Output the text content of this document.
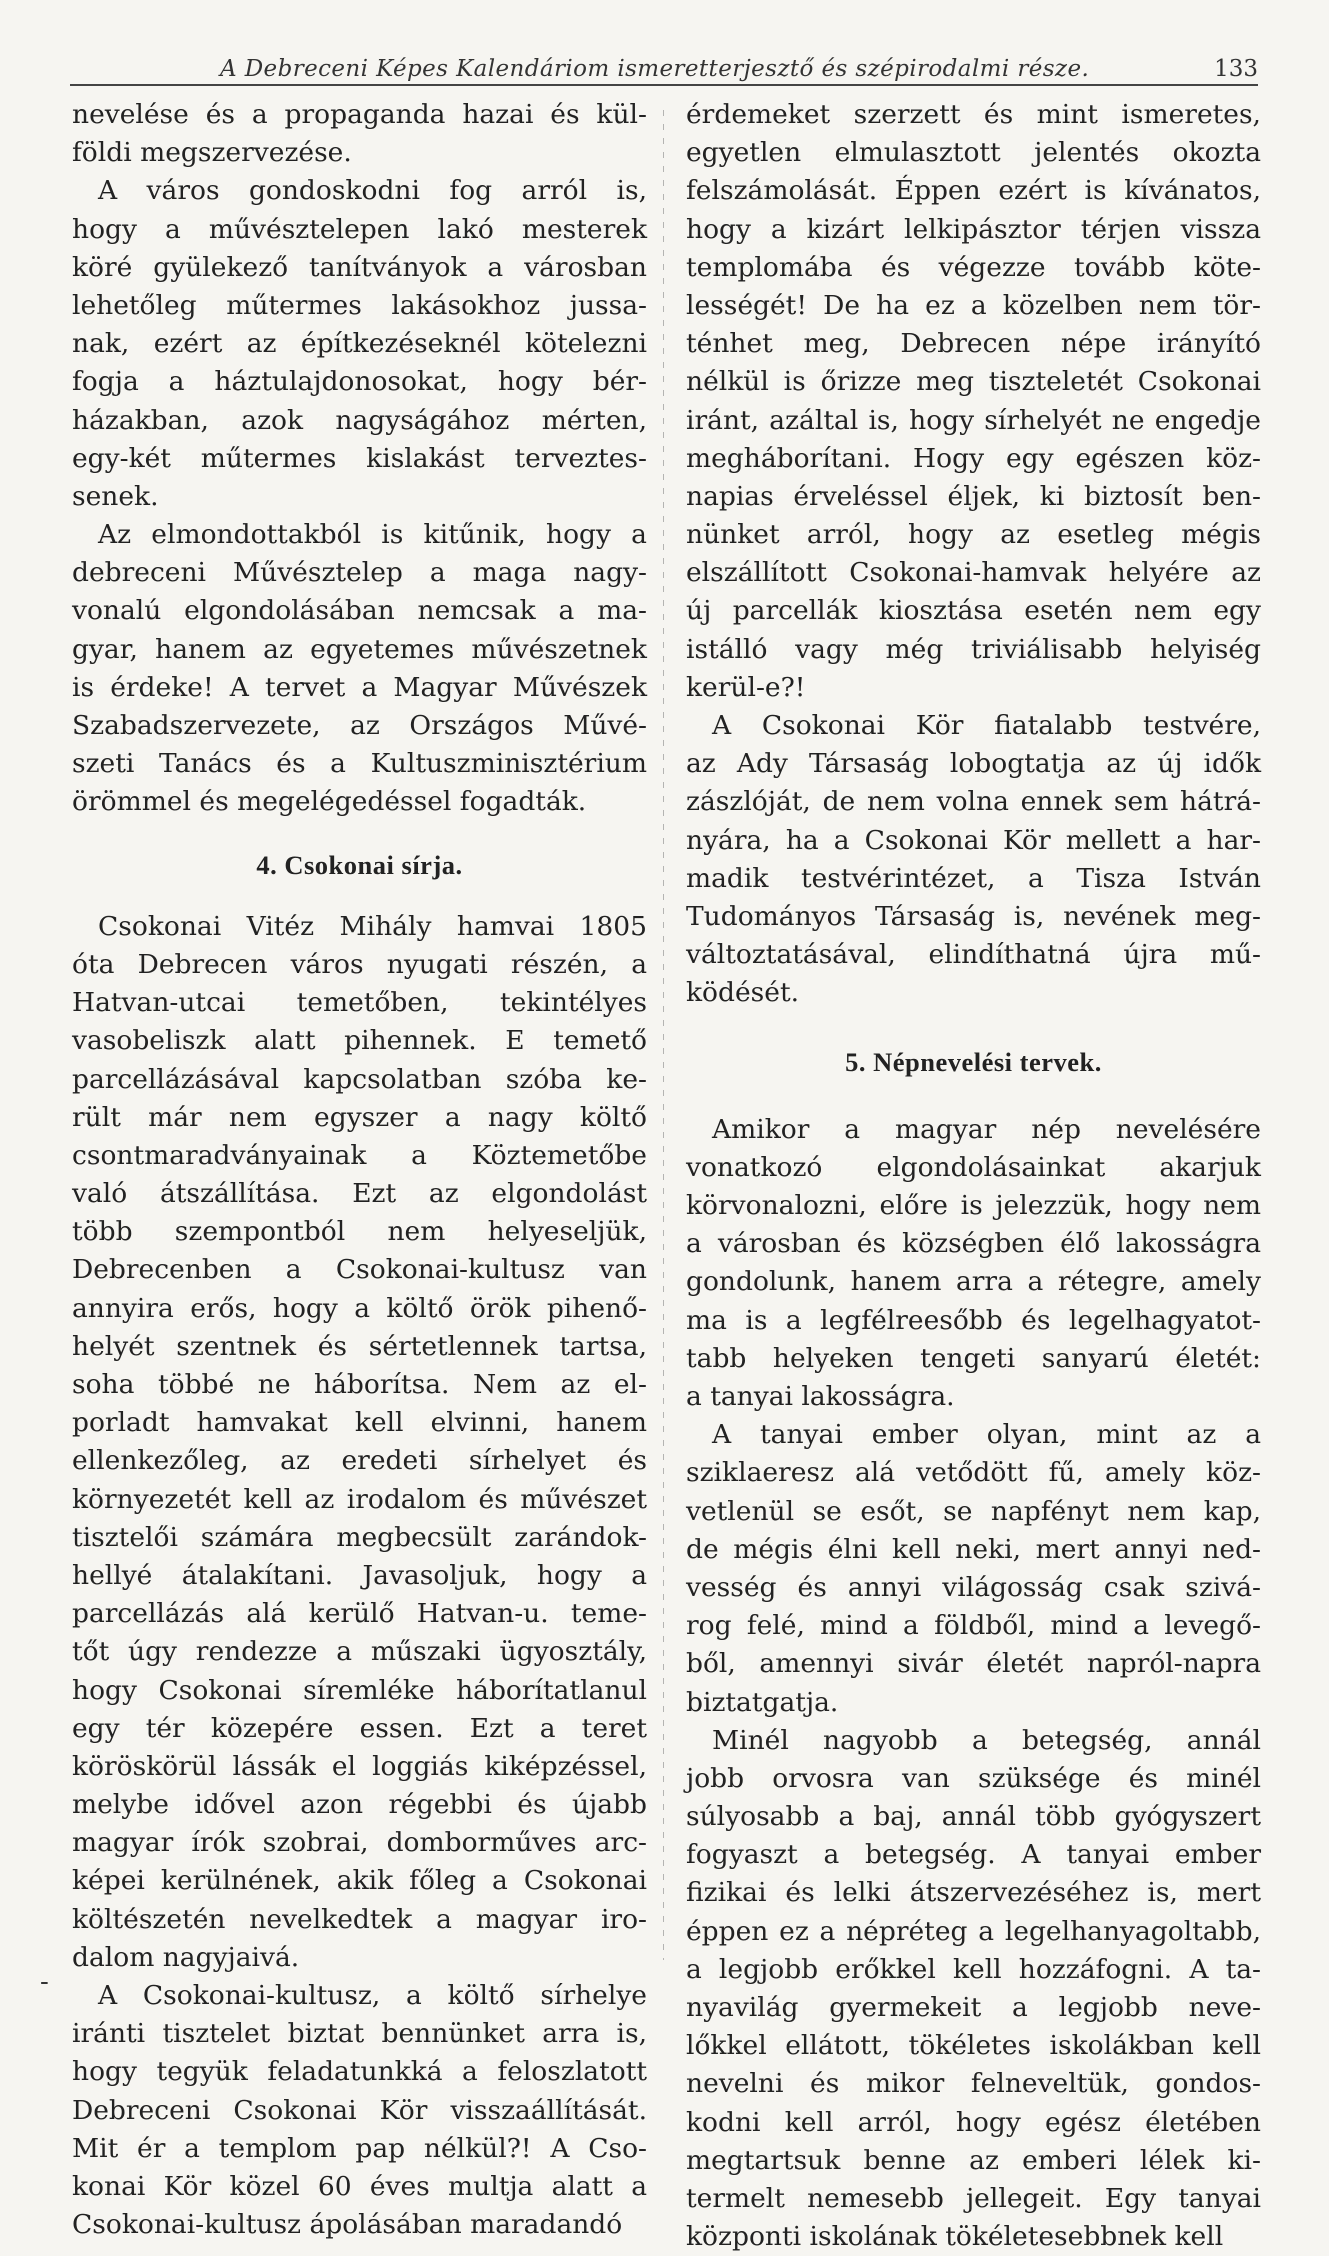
A Debreceni Képes Kalendáriom ismeretterjesztő és szépirodalmi része.	133
nevelése és a propaganda hazai és kül-
földi megszervezése.
A város gondoskodni fog arról is,
hogy a művésztelepen lakó mesterek
köré gyülekező tanítványok a városban
lehetőleg műtermes lakásokhoz jussa-
nak, ezért az építkezéseknél kötelezni
fogja a háztulajdonosokat, hogy bér-
házakban, azok nagyságához mérten,
egy-két műtermes kislakást terveztes-
senek.
Az elmondottakból is kitűnik, hogy a
debreceni Művésztelep a maga nagy-
vonalú elgondolásában nemcsak a ma-
gyar, hanem az egyetemes művészetnek
is érdeke! A tervet a Magyar Művészek
Szabadszervezete, az Országos Művé-
szeti Tanács és a Kultuszminisztérium
örömmel és megelégedéssel fogadták.
4. Csokonai sírja.
Csokonai Vitéz Mihály hamvai 1805
óta Debrecen város nyugati részén, a
Hatvan-utcai temetőben, tekintélyes
vasobeliszk alatt pihennek. E temető
parcellázásával kapcsolatban szóba ke-
rült már nem egyszer a nagy költő
csontmaradványainak a Köztemetőbe
való átszállítása. Ezt az elgondolást
több szempontból nem helyeseljük,
Debrecenben a Csokonai-kultusz van
annyira erős, hogy a költő örök pihenő-
helyét szentnek és sértetlennek tartsa,
soha többé ne háborítsa. Nem az el-
porladt hamvakat kell elvinni, hanem
ellenkezőleg, az eredeti sírhelyet és
környezetét kell az irodalom és művészet
tisztelői számára megbecsült zarándok-
hellyé átalakítani. Javasoljuk, hogy a
parcellázás alá kerülő Hatvan-u. teme-
tőt úgy rendezze a műszaki ügyosztály,
hogy Csokonai síremléke háborítatlanul
egy tér közepére essen. Ezt a teret
köröskörül lássák el loggiás kiképzéssel,
melybe idővel azon régebbi és újabb
magyar írók szobrai, domborműves arc-
képei kerülnének, akik főleg a Csokonai
költészetén nevelkedtek a magyar iro-
dalom nagyjaivá.
A Csokonai-kultusz, a költő sírhelye
iránti tisztelet biztat bennünket arra is,
hogy tegyük feladatunkká a feloszlatott
Debreceni Csokonai Kör visszaállítását.
Mit ér a templom pap nélkül?! A Cso-
konai Kör közel 60 éves multja alatt a
Csokonai-kultusz ápolásában maradandó
érdemeket szerzett és mint ismeretes,
egyetlen elmulasztott jelentés okozta
felszámolását. Éppen ezért is kívánatos,
hogy a kizárt lelkipásztor térjen vissza
templomába és végezze tovább köte-
lességét! De ha ez a közelben nem tör-
ténhet meg, Debrecen népe irányító
nélkül is őrizze meg tiszteletét Csokonai
iránt, azáltal is, hogy sírhelyét ne engedje
megháborítani. Hogy egy egészen köz-
napias érveléssel éljek, ki biztosít ben-
nünket arról, hogy az esetleg mégis
elszállított Csokonai-hamvak helyére az
új parcellák kiosztása esetén nem egy
istálló vagy még triviálisabb helyiség
kerül-e?!
A Csokonai Kör fiatalabb testvére,
az Ady Társaság lobogtatja az új idők
zászlóját, de nem volna ennek sem hátrá-
nyára, ha a Csokonai Kör mellett a har-
madik testvérintézet, a Tisza István
Tudományos Társaság is, nevének meg-
változtatásával, elindíthatná újra mű-
ködését.
5. Népnevelési tervek.
Amikor a magyar nép nevelésére
vonatkozó elgondolásainkat akarjuk
körvonalozni, előre is jelezzük, hogy nem
a városban és községben élő lakosságra
gondolunk, hanem arra a rétegre, amely
ma is a legfélreesőbb és legelhagyatot-
tabb helyeken tengeti sanyarú életét:
a tanyai lakosságra.
A tanyai ember olyan, mint az a
sziklaeresz alá vetődött fű, amely köz-
vetlenül se esőt, se napfényt nem kap,
de mégis élni kell neki, mert annyi ned-
vesség és annyi világosság csak szivá-
rog felé, mind a földből, mind a levegő-
ből, amennyi sivár életét napról-napra
biztatgatja.
Minél nagyobb a betegség, annál
jobb orvosra van szüksége és minél
súlyosabb a baj, annál több gyógyszert
fogyaszt a betegség. A tanyai ember
fizikai és lelki átszervezéséhez is, mert
éppen ez a népréteg a legelhanyagoltabb,
a legjobb erőkkel kell hozzáfogni. A ta-
nyavilág gyermekeit a legjobb neve-
lőkkel ellátott, tökéletes iskolákban kell
nevelni és mikor felneveltük, gondos-
kodni kell arról, hogy egész életében
megtartsuk benne az emberi lélek ki-
termelt nemesebb jellegeit. Egy tanyai
központi iskolának tökéletesebbnek kell
-
